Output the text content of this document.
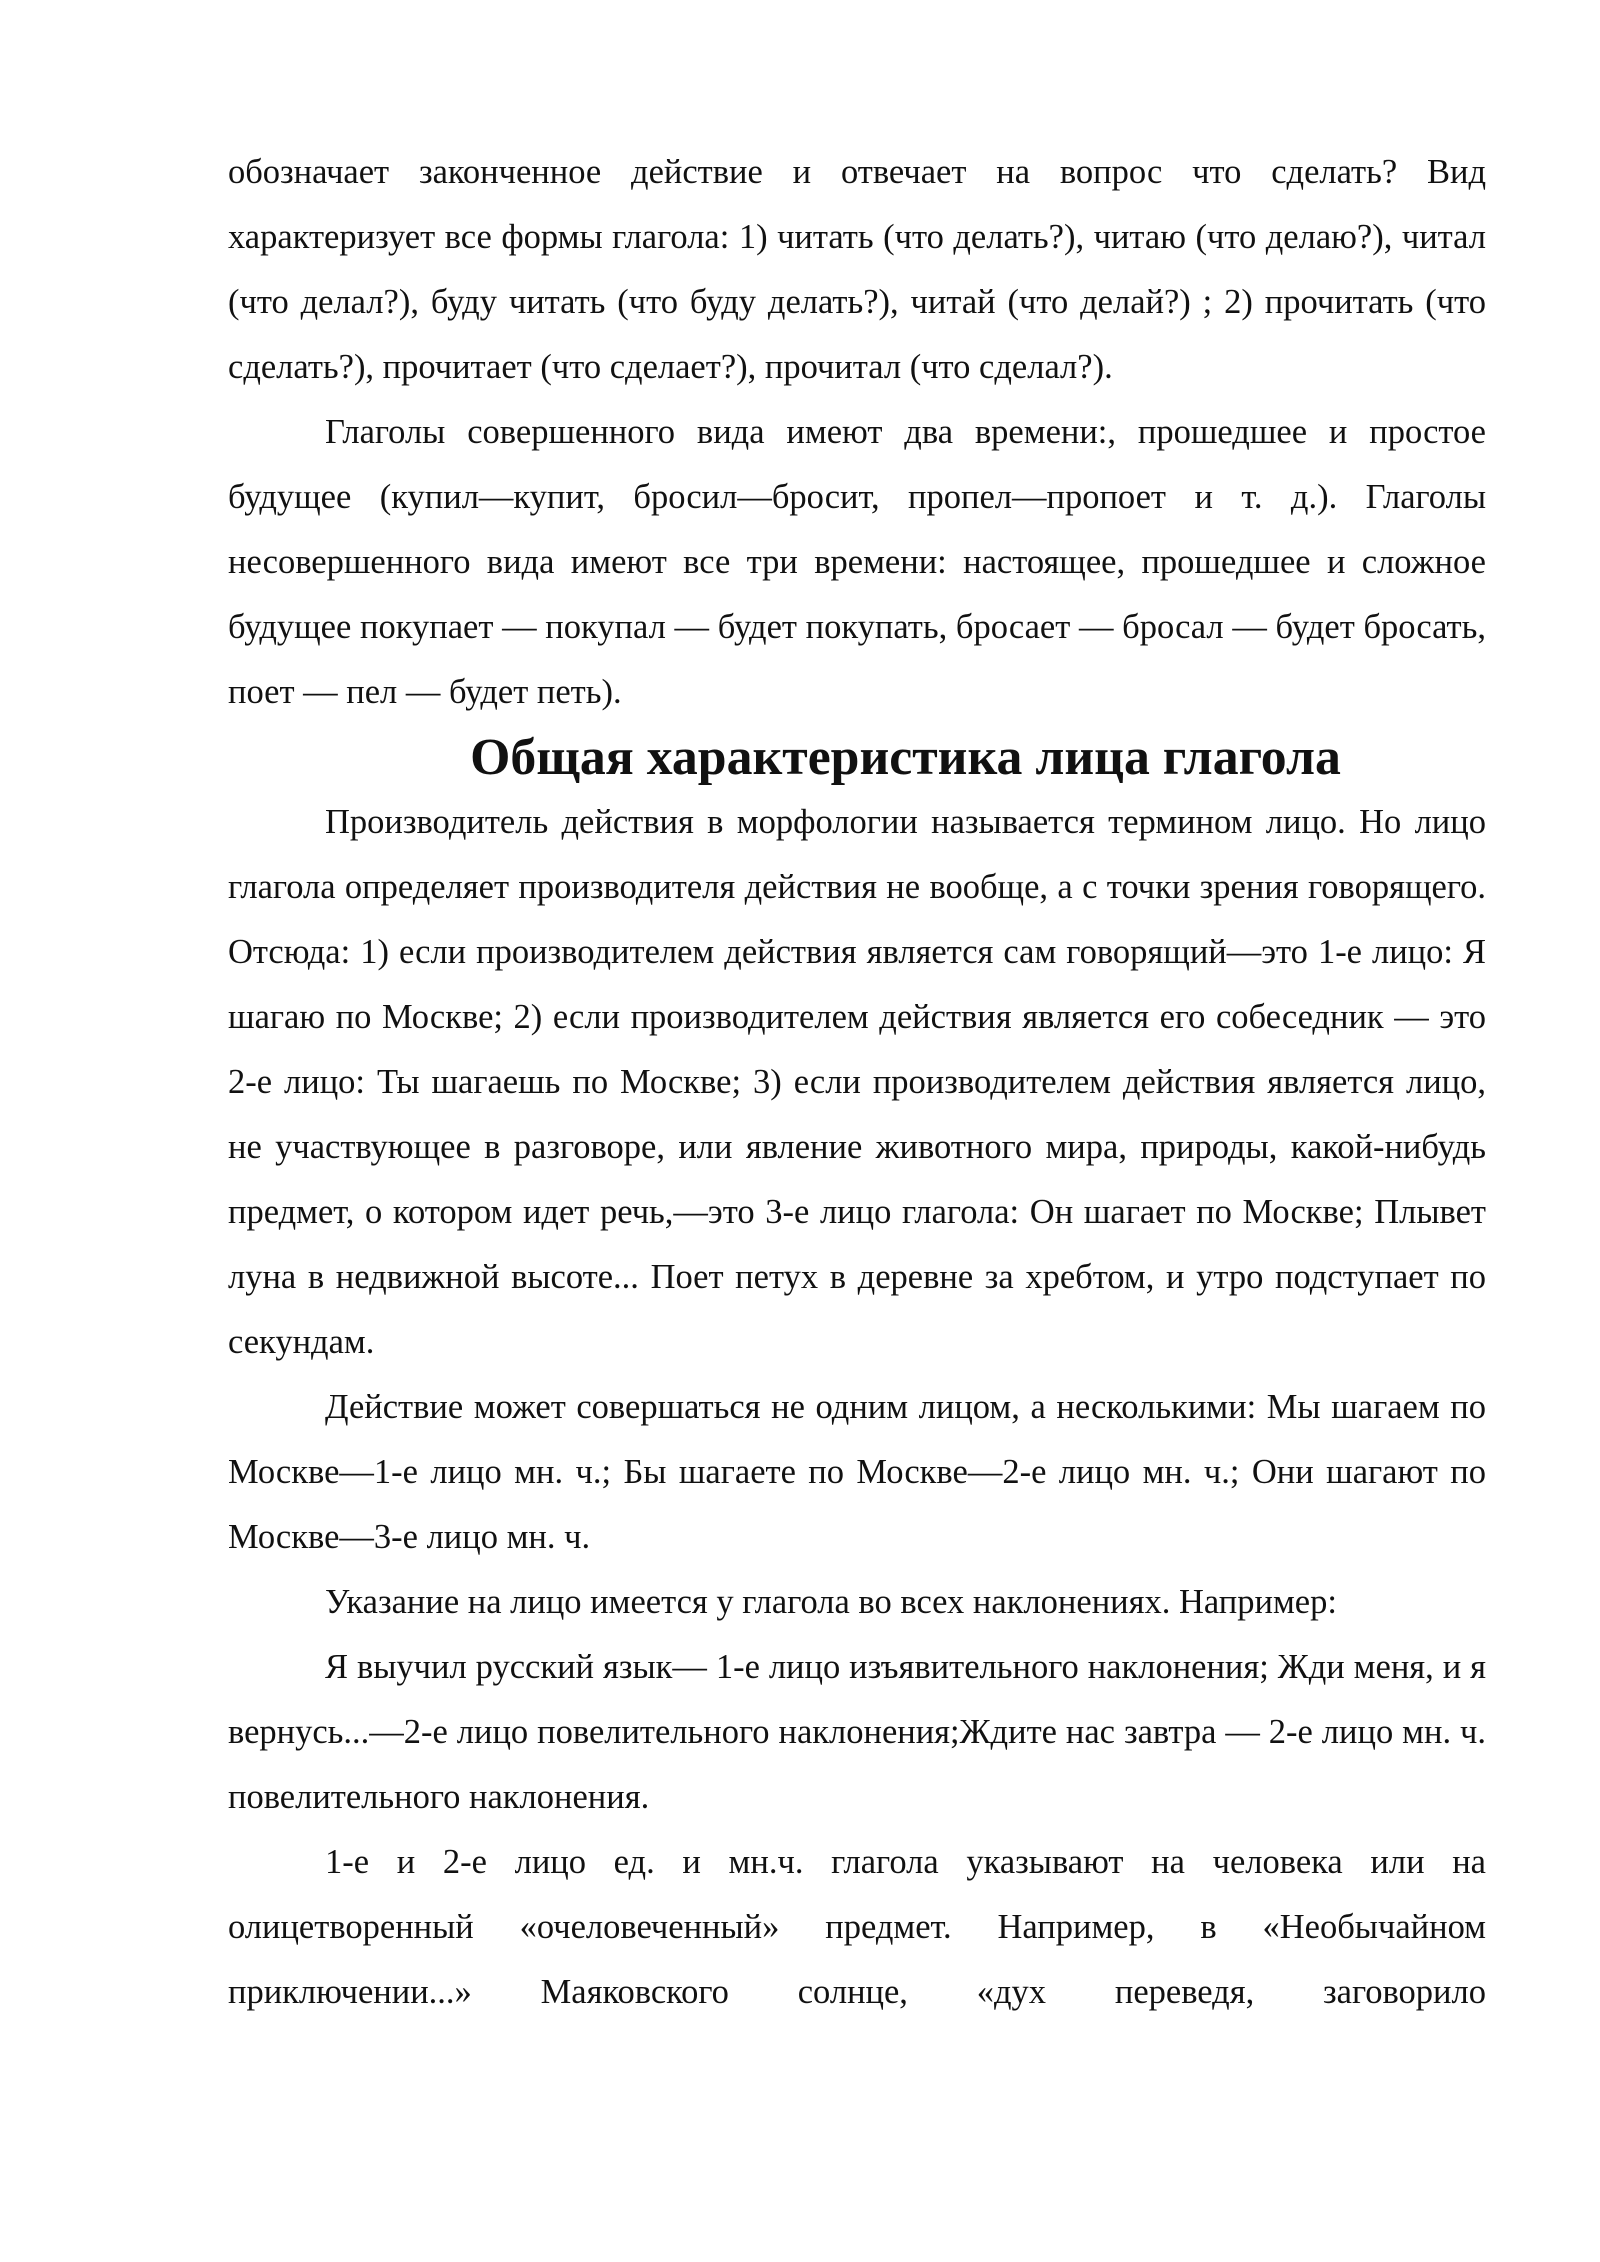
обозначает законченное действие и отвечает на вопрос что сделать? Вид характеризует все формы глагола: 1) читать (что делать?), читаю (что делаю?), читал (что делал?), буду читать (что буду делать?), читай (что делай?) ; 2) прочитать (что сделать?), прочитает (что сделает?), прочитал (что сделал?).

Глаголы совершенного вида имеют два времени:, прошедшее и простое будущее (купил—купит, бросил—бросит, пропел—пропоет и т. д.). Глаголы несовершенного вида имеют все три времени: настоящее, прошедшее и сложное будущее покупает — покупал — будет покупать, бросает — бросал — будет бросать, поет — пел — будет петь).

Общая характеристика лица глагола

Производитель действия в морфологии называется термином лицо. Но лицо глагола определяет производителя действия не вообще, а с точки зрения говорящего. Отсюда: 1) если производителем действия является сам говорящий—это 1-е лицо: Я шагаю по Москве; 2) если производителем действия является его собеседник — это 2-е лицо: Ты шагаешь по Москве; 3) если производителем действия является лицо, не участвующее в разговоре, или явление животного мира, природы, какой-нибудь предмет, о котором идет речь,—это 3-е лицо глагола: Он шагает по Москве; Плывет луна в недвижной высоте... Поет петух в деревне за хребтом, и утро подступает по секундам.

Действие может совершаться не одним лицом, а несколькими: Мы шагаем по Москве—1-е лицо мн. ч.; Бы шагаете по Москве—2-е лицо мн. ч.; Они шагают по Москве—3-е лицо мн. ч.

Указание на лицо имеется у глагола во всех наклонениях. Например:

Я выучил русский язык— 1-е лицо изъявительного наклонения; Жди меня, и я вернусь...—2-е лицо повелительного наклонения;Ждите нас завтра — 2-е лицо мн. ч. повелительного наклонения.

1-е и 2-е лицо ед. и мн.ч. глагола указывают на человека или на олицетворенный «очеловеченный» предмет. Например, в «Необычайном приключении...» Маяковского солнце, «дух переведя, заговорило
